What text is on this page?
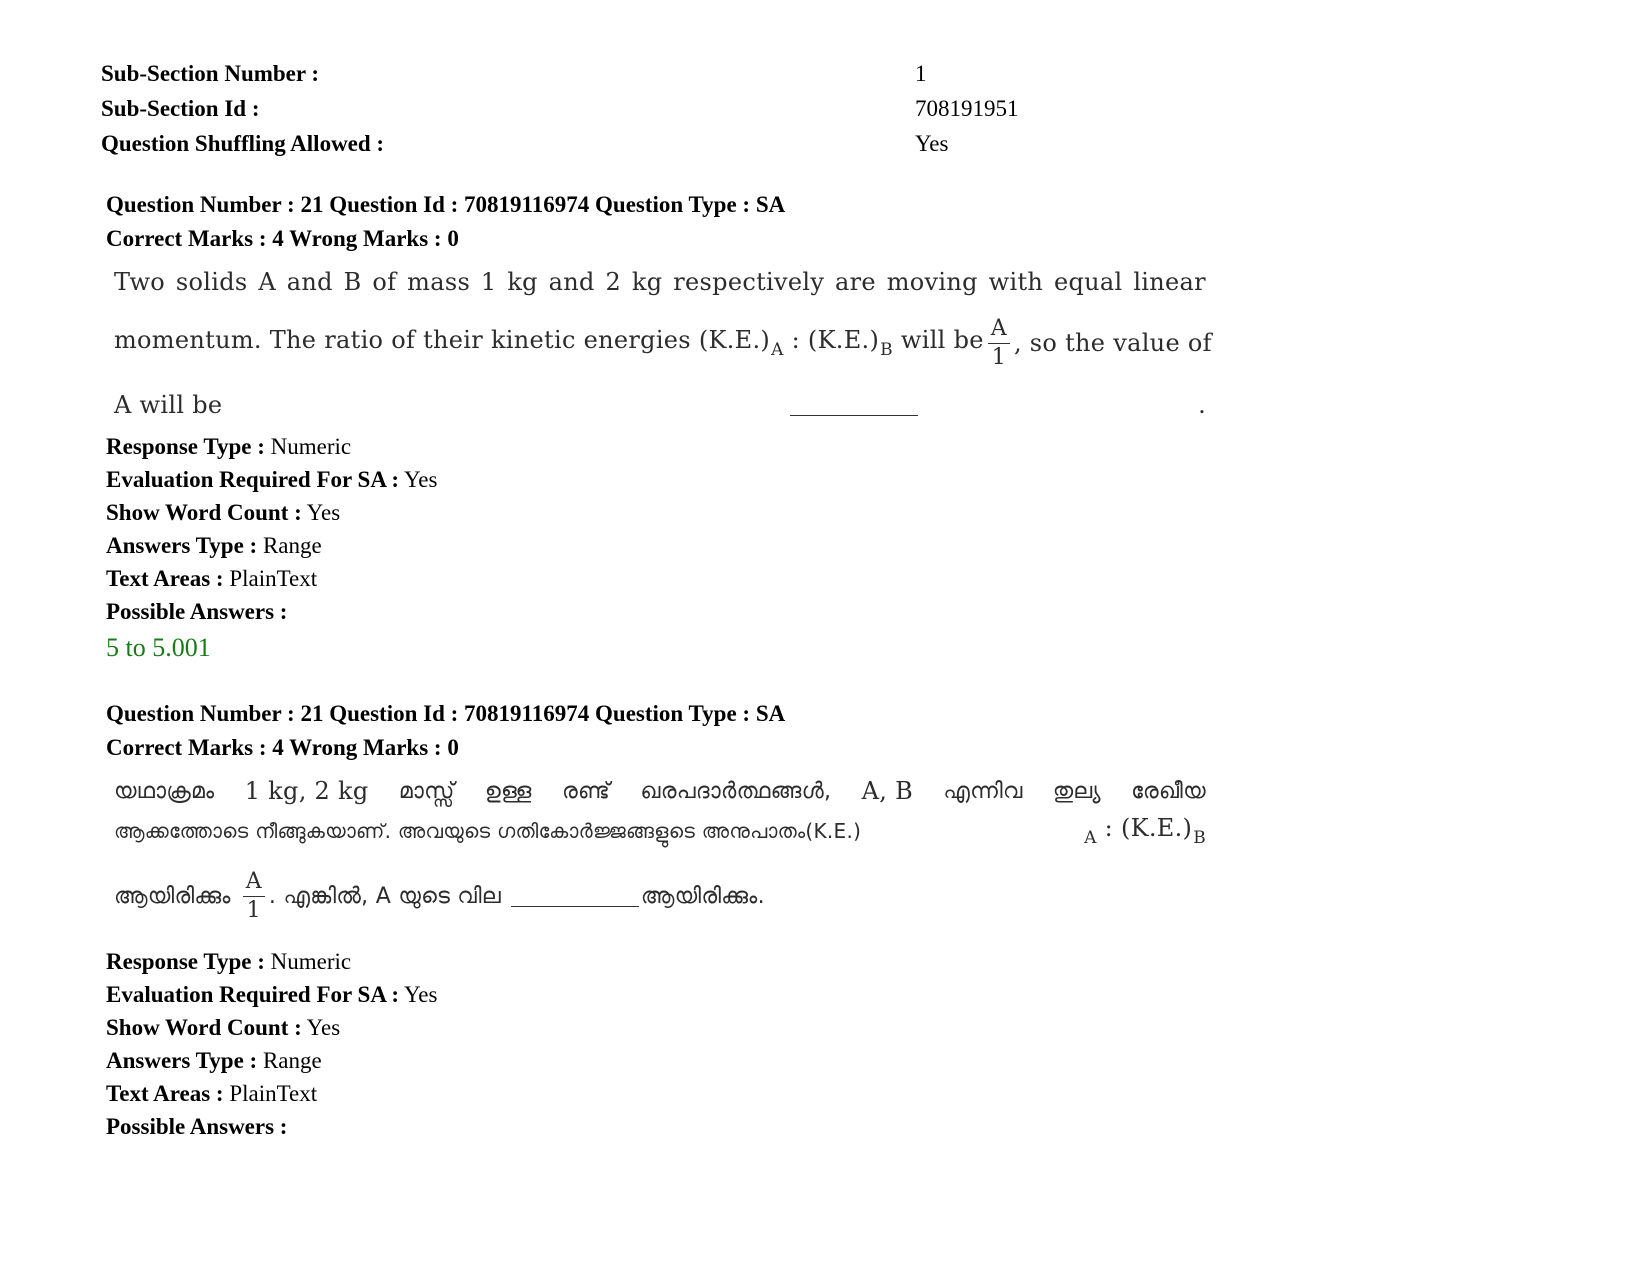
Sub-Section Number :	1
Sub-Section Id :	708191951
Question Shuffling Allowed :	Yes
Question Number : 21 Question Id : 70819116974 Question Type : SA
Correct Marks : 4 Wrong Marks : 0
Two solids A and B of mass 1 kg and 2 kg respectively are moving with equal linear
momentum. The ratio of their kinetic energies $(K.E.)_A$ : $(K.E.)_B$ will be $\frac{A}{1}$ , so the value of
A will be
	.
Response Type : Numeric
Evaluation Required For SA : Yes
Show Word Count : Yes
Answers Type : Range
Text Areas : PlainText
Possible Answers :
5 to 5.001
Question Number : 21 Question Id : 70819116974 Question Type : SA
Correct Marks : 4 Wrong Marks : 0
യഥാക്രമം 1 kg, 2 kg മാസ്സ് ഉള്ള രണ്ട് ഖരപദാർത്ഥങ്ങൾ, A, B എന്നിവ തുല്യ രേഖീയ
ആക്കത്തോടെ നീങ്ങുകയാണ്. അവയുടെ ഗതികോർജ്ജങ്ങളുടെ അനുപാതം(K.E.)	$_A$ : $(K.E.)_B$
ആയിരിക്കും $\frac{A}{1}$ . എങ്കിൽ, A യുടെ വില
	ആയിരിക്കും.
Response Type : Numeric
Evaluation Required For SA : Yes
Show Word Count : Yes
Answers Type : Range
Text Areas : PlainText
Possible Answers :
